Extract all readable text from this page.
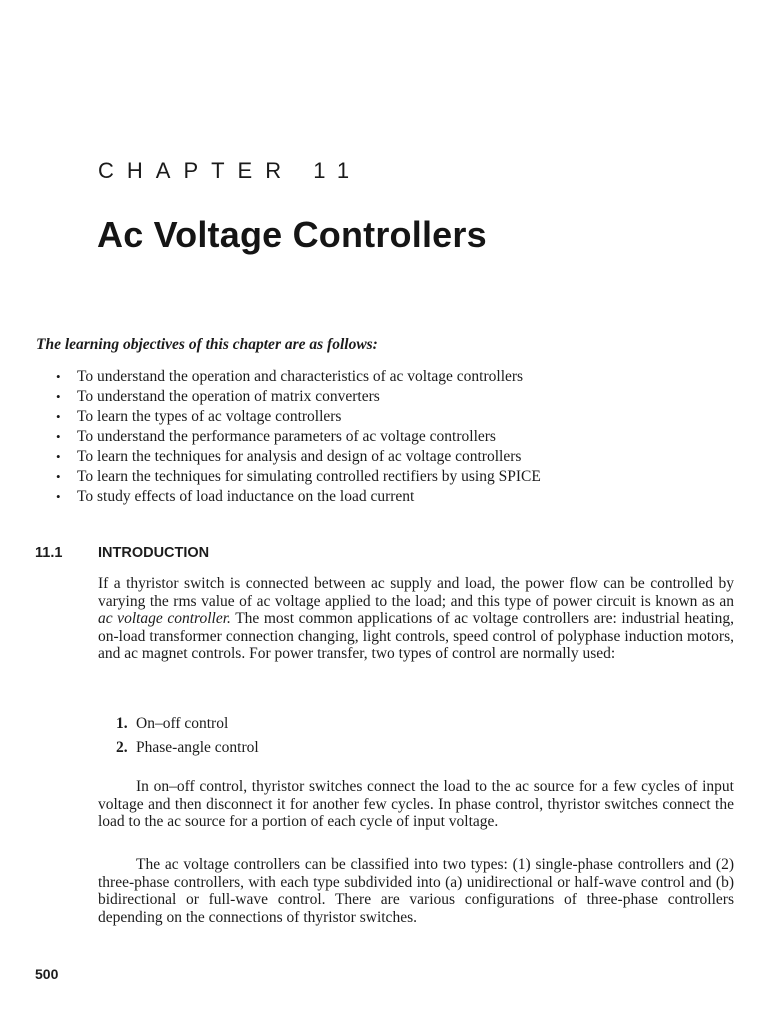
CHAPTER 11
Ac Voltage Controllers
The learning objectives of this chapter are as follows:
• To understand the operation and characteristics of ac voltage controllers
• To understand the operation of matrix converters
• To learn the types of ac voltage controllers
• To understand the performance parameters of ac voltage controllers
• To learn the techniques for analysis and design of ac voltage controllers
• To learn the techniques for simulating controlled rectifiers by using SPICE
• To study effects of load inductance on the load current
11.1 INTRODUCTION

If a thyristor switch is connected between ac supply and load, the power flow can be controlled by varying the rms value of ac voltage applied to the load; and this type of power circuit is known as an ac voltage controller. The most common applications of ac voltage controllers are: industrial heating, on-load transformer connection changing, light controls, speed control of polyphase induction motors, and ac magnet controls. For power transfer, two types of control are normally used:

1. On–off control
2. Phase-angle control

In on–off control, thyristor switches connect the load to the ac source for a few cycles of input voltage and then disconnect it for another few cycles. In phase control, thyristor switches connect the load to the ac source for a portion of each cycle of input voltage.

The ac voltage controllers can be classified into two types: (1) single-phase controllers and (2) three-phase controllers, with each type subdivided into (a) unidirectional or half-wave control and (b) bidirectional or full-wave control. There are various configurations of three-phase controllers depending on the connections of thyristor switches.

500
